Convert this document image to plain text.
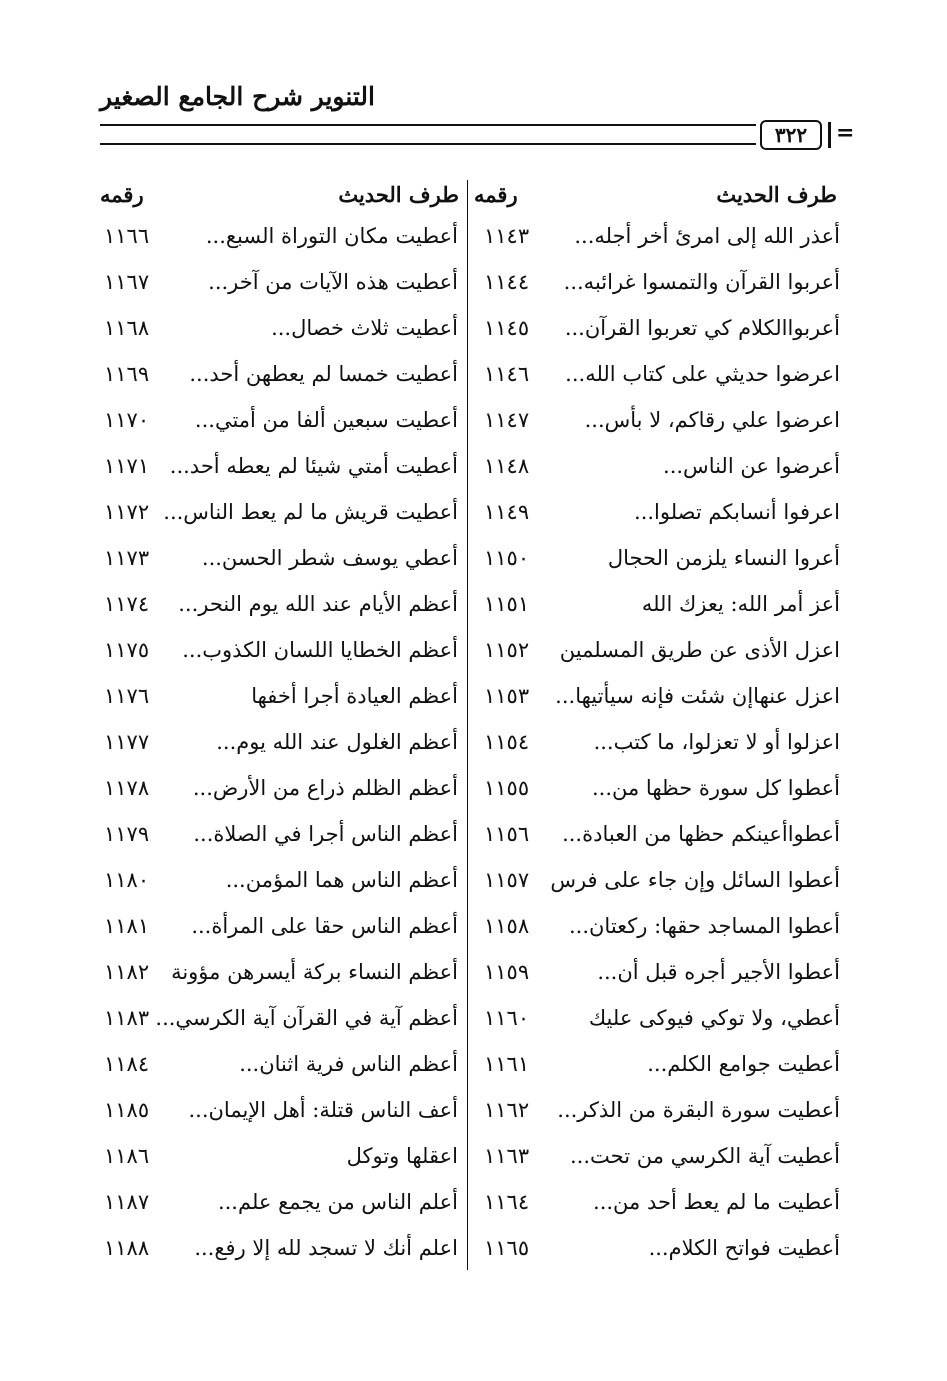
التنوير شرح الجامع الصغير
٣٢٢ =
طرف الحديث
رقمه
طرف الحديث
رقمه
أعذر الله إلى امرئ أخر أجله...
١١٤٣
أعطيت مكان التوراة السبع...
١١٦٦
أعربوا القرآن والتمسوا غرائبه...
١١٤٤
أعطيت هذه الآيات من آخر...
١١٦٧
أعربواالكلام كي تعربوا القرآن...
١١٤٥
أعطيت ثلاث خصال...
١١٦٨
اعرضوا حديثي على كتاب الله...
١١٤٦
أعطيت خمسا لم يعطهن أحد...
١١٦٩
اعرضوا علي رقاكم، لا بأس...
١١٤٧
أعطيت سبعين ألفا من أمتي...
١١٧٠
أعرضوا عن الناس...
١١٤٨
أعطيت أمتي شيئا لم يعطه أحد...
١١٧١
اعرفوا أنسابكم تصلوا...
١١٤٩
أعطيت قريش ما لم يعط الناس...
١١٧٢
أعروا النساء يلزمن الحجال
١١٥٠
أعطي يوسف شطر الحسن...
١١٧٣
أعز أمر الله: يعزك الله
١١٥١
أعظم الأيام عند الله يوم النحر...
١١٧٤
اعزل الأذى عن طريق المسلمين
١١٥٢
أعظم الخطايا اللسان الكذوب...
١١٧٥
اعزل عنهاإن شئت فإنه سيأتيها...
١١٥٣
أعظم العيادة أجرا أخفها
١١٧٦
اعزلوا أو لا تعزلوا، ما كتب...
١١٥٤
أعظم الغلول عند الله يوم...
١١٧٧
أعطوا كل سورة حظها من...
١١٥٥
أعظم الظلم ذراع من الأرض...
١١٧٨
أعطواأعينكم حظها من العبادة...
١١٥٦
أعظم الناس أجرا في الصلاة...
١١٧٩
أعطوا السائل وإن جاء على فرس
١١٥٧
أعظم الناس هما المؤمن...
١١٨٠
أعطوا المساجد حقها: ركعتان...
١١٥٨
أعظم الناس حقا على المرأة...
١١٨١
أعطوا الأجير أجره قبل أن...
١١٥٩
أعظم النساء بركة أيسرهن مؤونة
١١٨٢
أعطي، ولا توكي فيوكى عليك
١١٦٠
أعظم آية في القرآن آية الكرسي...
١١٨٣
أعطيت جوامع الكلم...
١١٦١
أعظم الناس فرية اثنان...
١١٨٤
أعطيت سورة البقرة من الذكر...
١١٦٢
أعف الناس قتلة: أهل الإيمان...
١١٨٥
أعطيت آية الكرسي من تحت...
١١٦٣
اعقلها وتوكل
١١٨٦
أعطيت ما لم يعط أحد من...
١١٦٤
أعلم الناس من يجمع علم...
١١٨٧
أعطيت فواتح الكلام...
١١٦٥
اعلم أنك لا تسجد لله إلا رفع...
١١٨٨
